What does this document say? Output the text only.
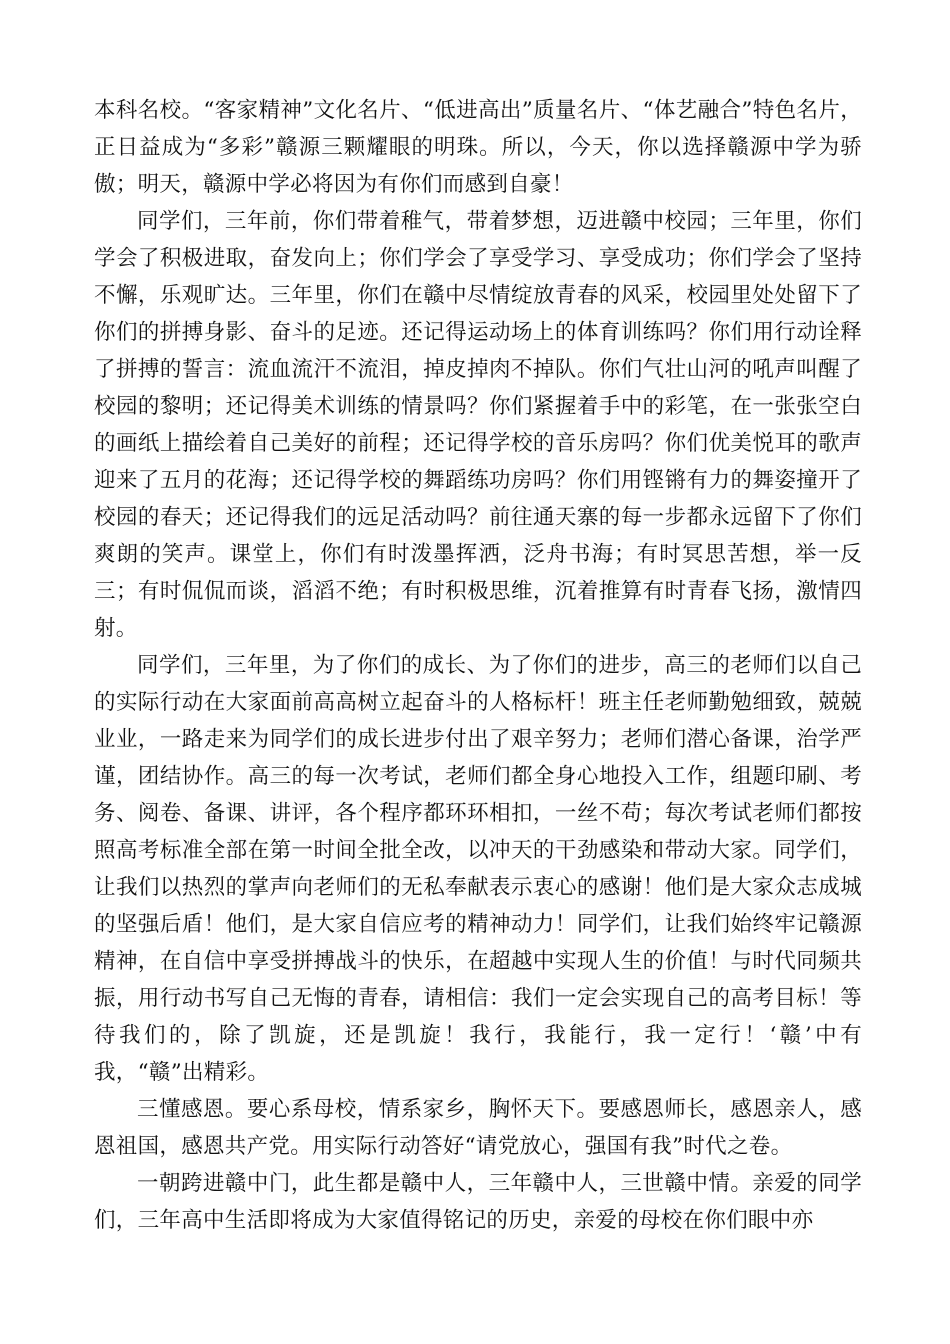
本科名校。“客家精神”文化名片、“低进高出”质量名片、“体艺融合”特色名片，正日益成为“多彩”赣源三颗耀眼的明珠。所以，今天，你以选择赣源中学为骄傲；明天，赣源中学必将因为有你们而感到自豪！

同学们，三年前，你们带着稚气，带着梦想，迈进赣中校园；三年里，你们学会了积极进取，奋发向上；你们学会了享受学习、享受成功；你们学会了坚持不懈，乐观旷达。三年里，你们在赣中尽情绽放青春的风采，校园里处处留下了你们的拼搏身影、奋斗的足迹。还记得运动场上的体育训练吗？你们用行动诠释了拼搏的誓言：流血流汗不流泪，掉皮掉肉不掉队。你们气壮山河的吼声叫醒了校园的黎明；还记得美术训练的情景吗？你们紧握着手中的彩笔，在一张张空白的画纸上描绘着自己美好的前程；还记得学校的音乐房吗？你们优美悦耳的歌声迎来了五月的花海；还记得学校的舞蹈练功房吗？你们用铿锵有力的舞姿撞开了校园的春天；还记得我们的远足活动吗？前往通天寨的每一步都永远留下了你们爽朗的笑声。课堂上，你们有时泼墨挥洒，泛舟书海；有时冥思苦想，举一反三；有时侃侃而谈，滔滔不绝；有时积极思维，沉着推算有时青春飞扬，激情四射。

同学们，三年里，为了你们的成长、为了你们的进步，高三的老师们以自己的实际行动在大家面前高高树立起奋斗的人格标杆！班主任老师勤勉细致，兢兢业业，一路走来为同学们的成长进步付出了艰辛努力；老师们潜心备课，治学严谨，团结协作。高三的每一次考试，老师们都全身心地投入工作，组题印刷、考务、阅卷、备课、讲评，各个程序都环环相扣，一丝不苟；每次考试老师们都按照高考标准全部在第一时间全批全改，以冲天的干劲感染和带动大家。同学们，让我们以热烈的掌声向老师们的无私奉献表示衷心的感谢！他们是大家众志成城的坚强后盾！他们，是大家自信应考的精神动力！同学们，让我们始终牢记赣源精神，在自信中享受拼搏战斗的快乐，在超越中实现人生的价值！与时代同频共振，用行动书写自己无悔的青春，请相信：我们一定会实现自己的高考目标！等待我们的，除了凯旋，还是凯旋！我行，我能行，我一定行！‘赣’中有我，“赣”出精彩。

三懂感恩。要心系母校，情系家乡，胸怀天下。要感恩师长，感恩亲人，感恩祖国，感恩共产党。用实际行动答好“请党放心，强国有我”时代之卷。

一朝跨进赣中门，此生都是赣中人，三年赣中人，三世赣中情。亲爱的同学们，三年高中生活即将成为大家值得铭记的历史，亲爱的母校在你们眼中亦
